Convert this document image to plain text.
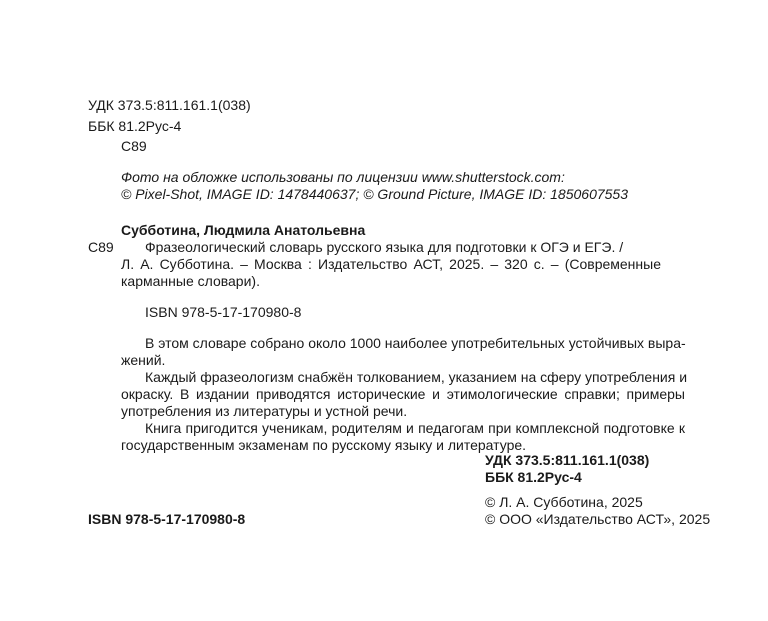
УДК 373.5:811.161.1(038)

ББК 81.2Рус-4

С89

Фото на обложке использованы по лицензии www.shutterstock.com:

© Pixel-Shot, IMAGE ID: 1478440637; © Ground Picture, IMAGE ID: 1850607553

Субботина, Людмила Анатольевна

С89 Фразеологический словарь русского языка для подготовки к ОГЭ и ЕГЭ. /

Л. А. Субботина. – Москва : Издательство АСТ, 2025. – 320 с. – (Современные

карманные словари).

ISBN 978-5-17-170980-8

В этом словаре собрано около 1000 наиболее употребительных устойчивых выра-

жений.

Каждый фразеологизм снабжён толкованием, указанием на сферу употребления и

окраску. В издании приводятся исторические и этимологические справки; примеры

употребления из литературы и устной речи.

Книга пригодится ученикам, родителям и педагогам при комплексной подготовке к

государственным экзаменам по русскому языку и литературе.

УДК 373.5:811.161.1(038)

ББК 81.2Рус-4

© Л. А. Субботина, 2025

ISBN 978-5-17-170980-8	© ООО «Издательство АСТ», 2025
